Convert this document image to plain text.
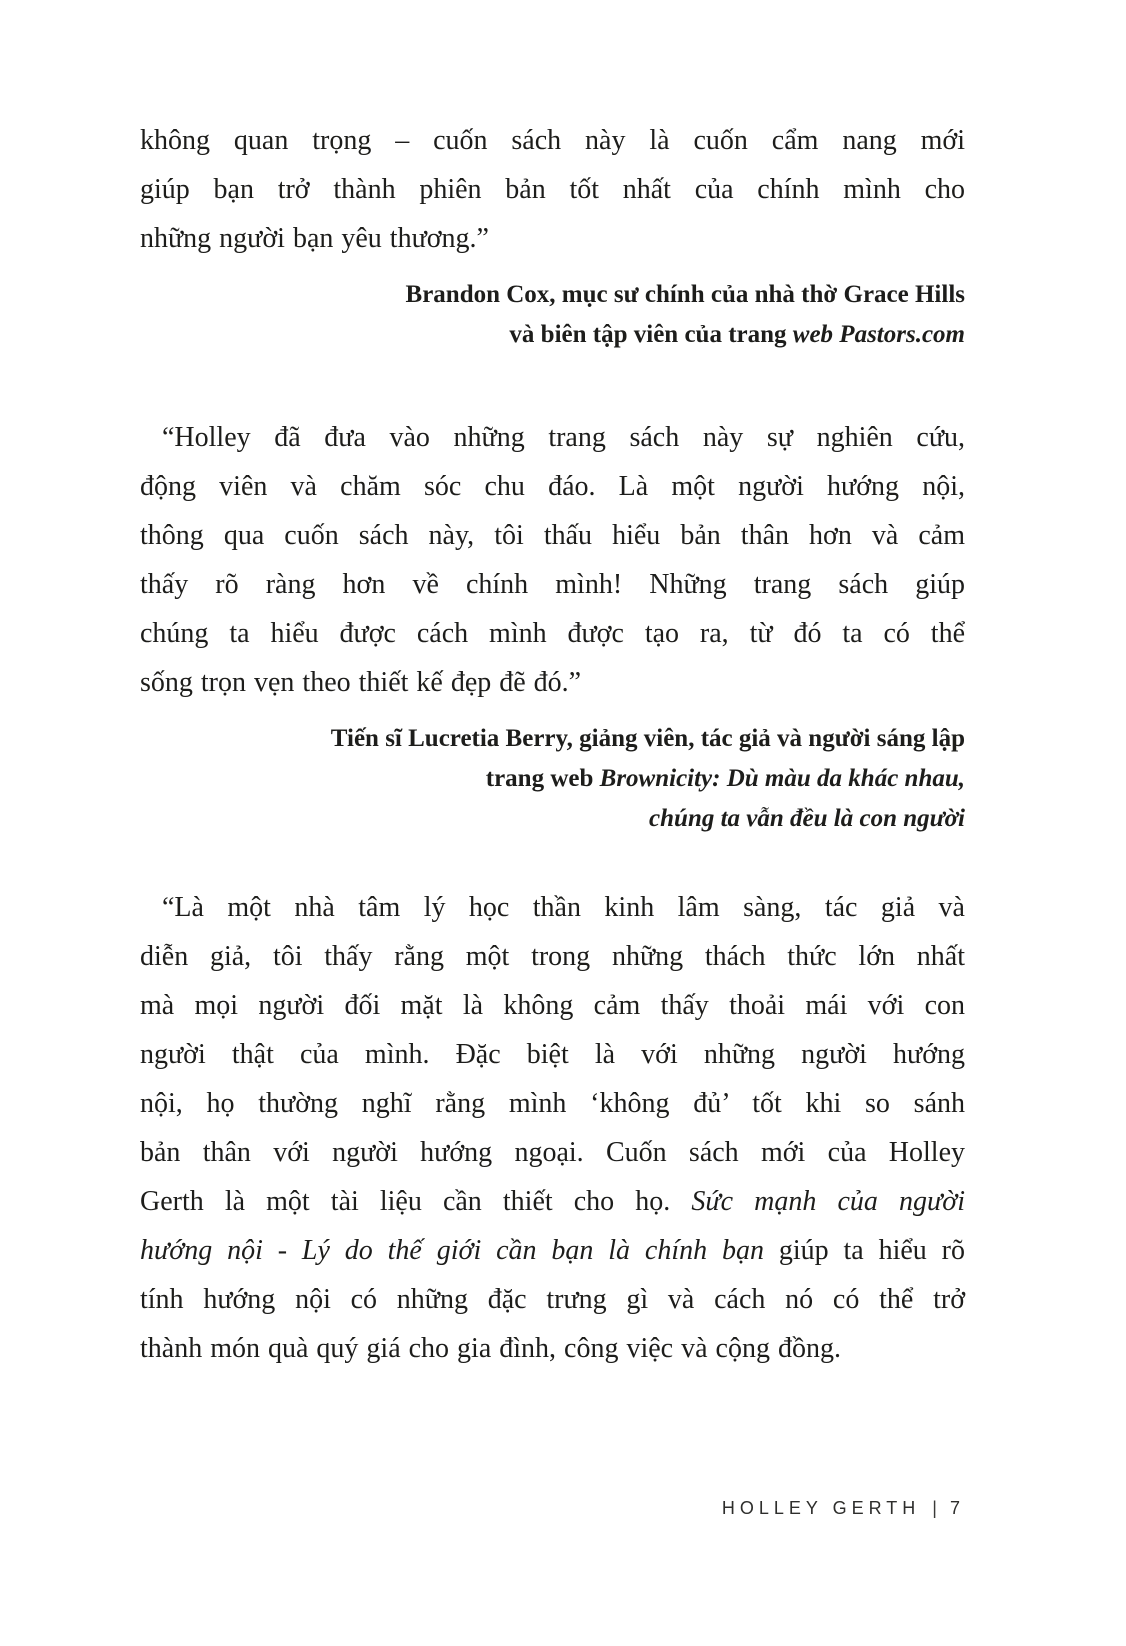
không quan trọng – cuốn sách này là cuốn cẩm nang mới
giúp bạn trở thành phiên bản tốt nhất của chính mình cho
những người bạn yêu thương.”
Brandon Cox, mục sư chính của nhà thờ Grace Hills
và biên tập viên của trang web Pastors.com
“Holley đã đưa vào những trang sách này sự nghiên cứu,
động viên và chăm sóc chu đáo. Là một người hướng nội,
thông qua cuốn sách này, tôi thấu hiểu bản thân hơn và cảm
thấy rõ ràng hơn về chính mình! Những trang sách giúp
chúng ta hiểu được cách mình được tạo ra, từ đó ta có thể
sống trọn vẹn theo thiết kế đẹp đẽ đó.”
Tiến sĩ Lucretia Berry, giảng viên, tác giả và người sáng lập
trang web Brownicity: Dù màu da khác nhau,
chúng ta vẫn đều là con người
“Là một nhà tâm lý học thần kinh lâm sàng, tác giả và
diễn giả, tôi thấy rằng một trong những thách thức lớn nhất
mà mọi người đối mặt là không cảm thấy thoải mái với con
người thật của mình. Đặc biệt là với những người hướng
nội, họ thường nghĩ rằng mình ‘không đủ’ tốt khi so sánh
bản thân với người hướng ngoại. Cuốn sách mới của Holley
Gerth là một tài liệu cần thiết cho họ. Sức mạnh của người
hướng nội - Lý do thế giới cần bạn là chính bạn giúp ta hiểu rõ
tính hướng nội có những đặc trưng gì và cách nó có thể trở
thành món quà quý giá cho gia đình, công việc và cộng đồng.
HOLLEY GERTH | 7
